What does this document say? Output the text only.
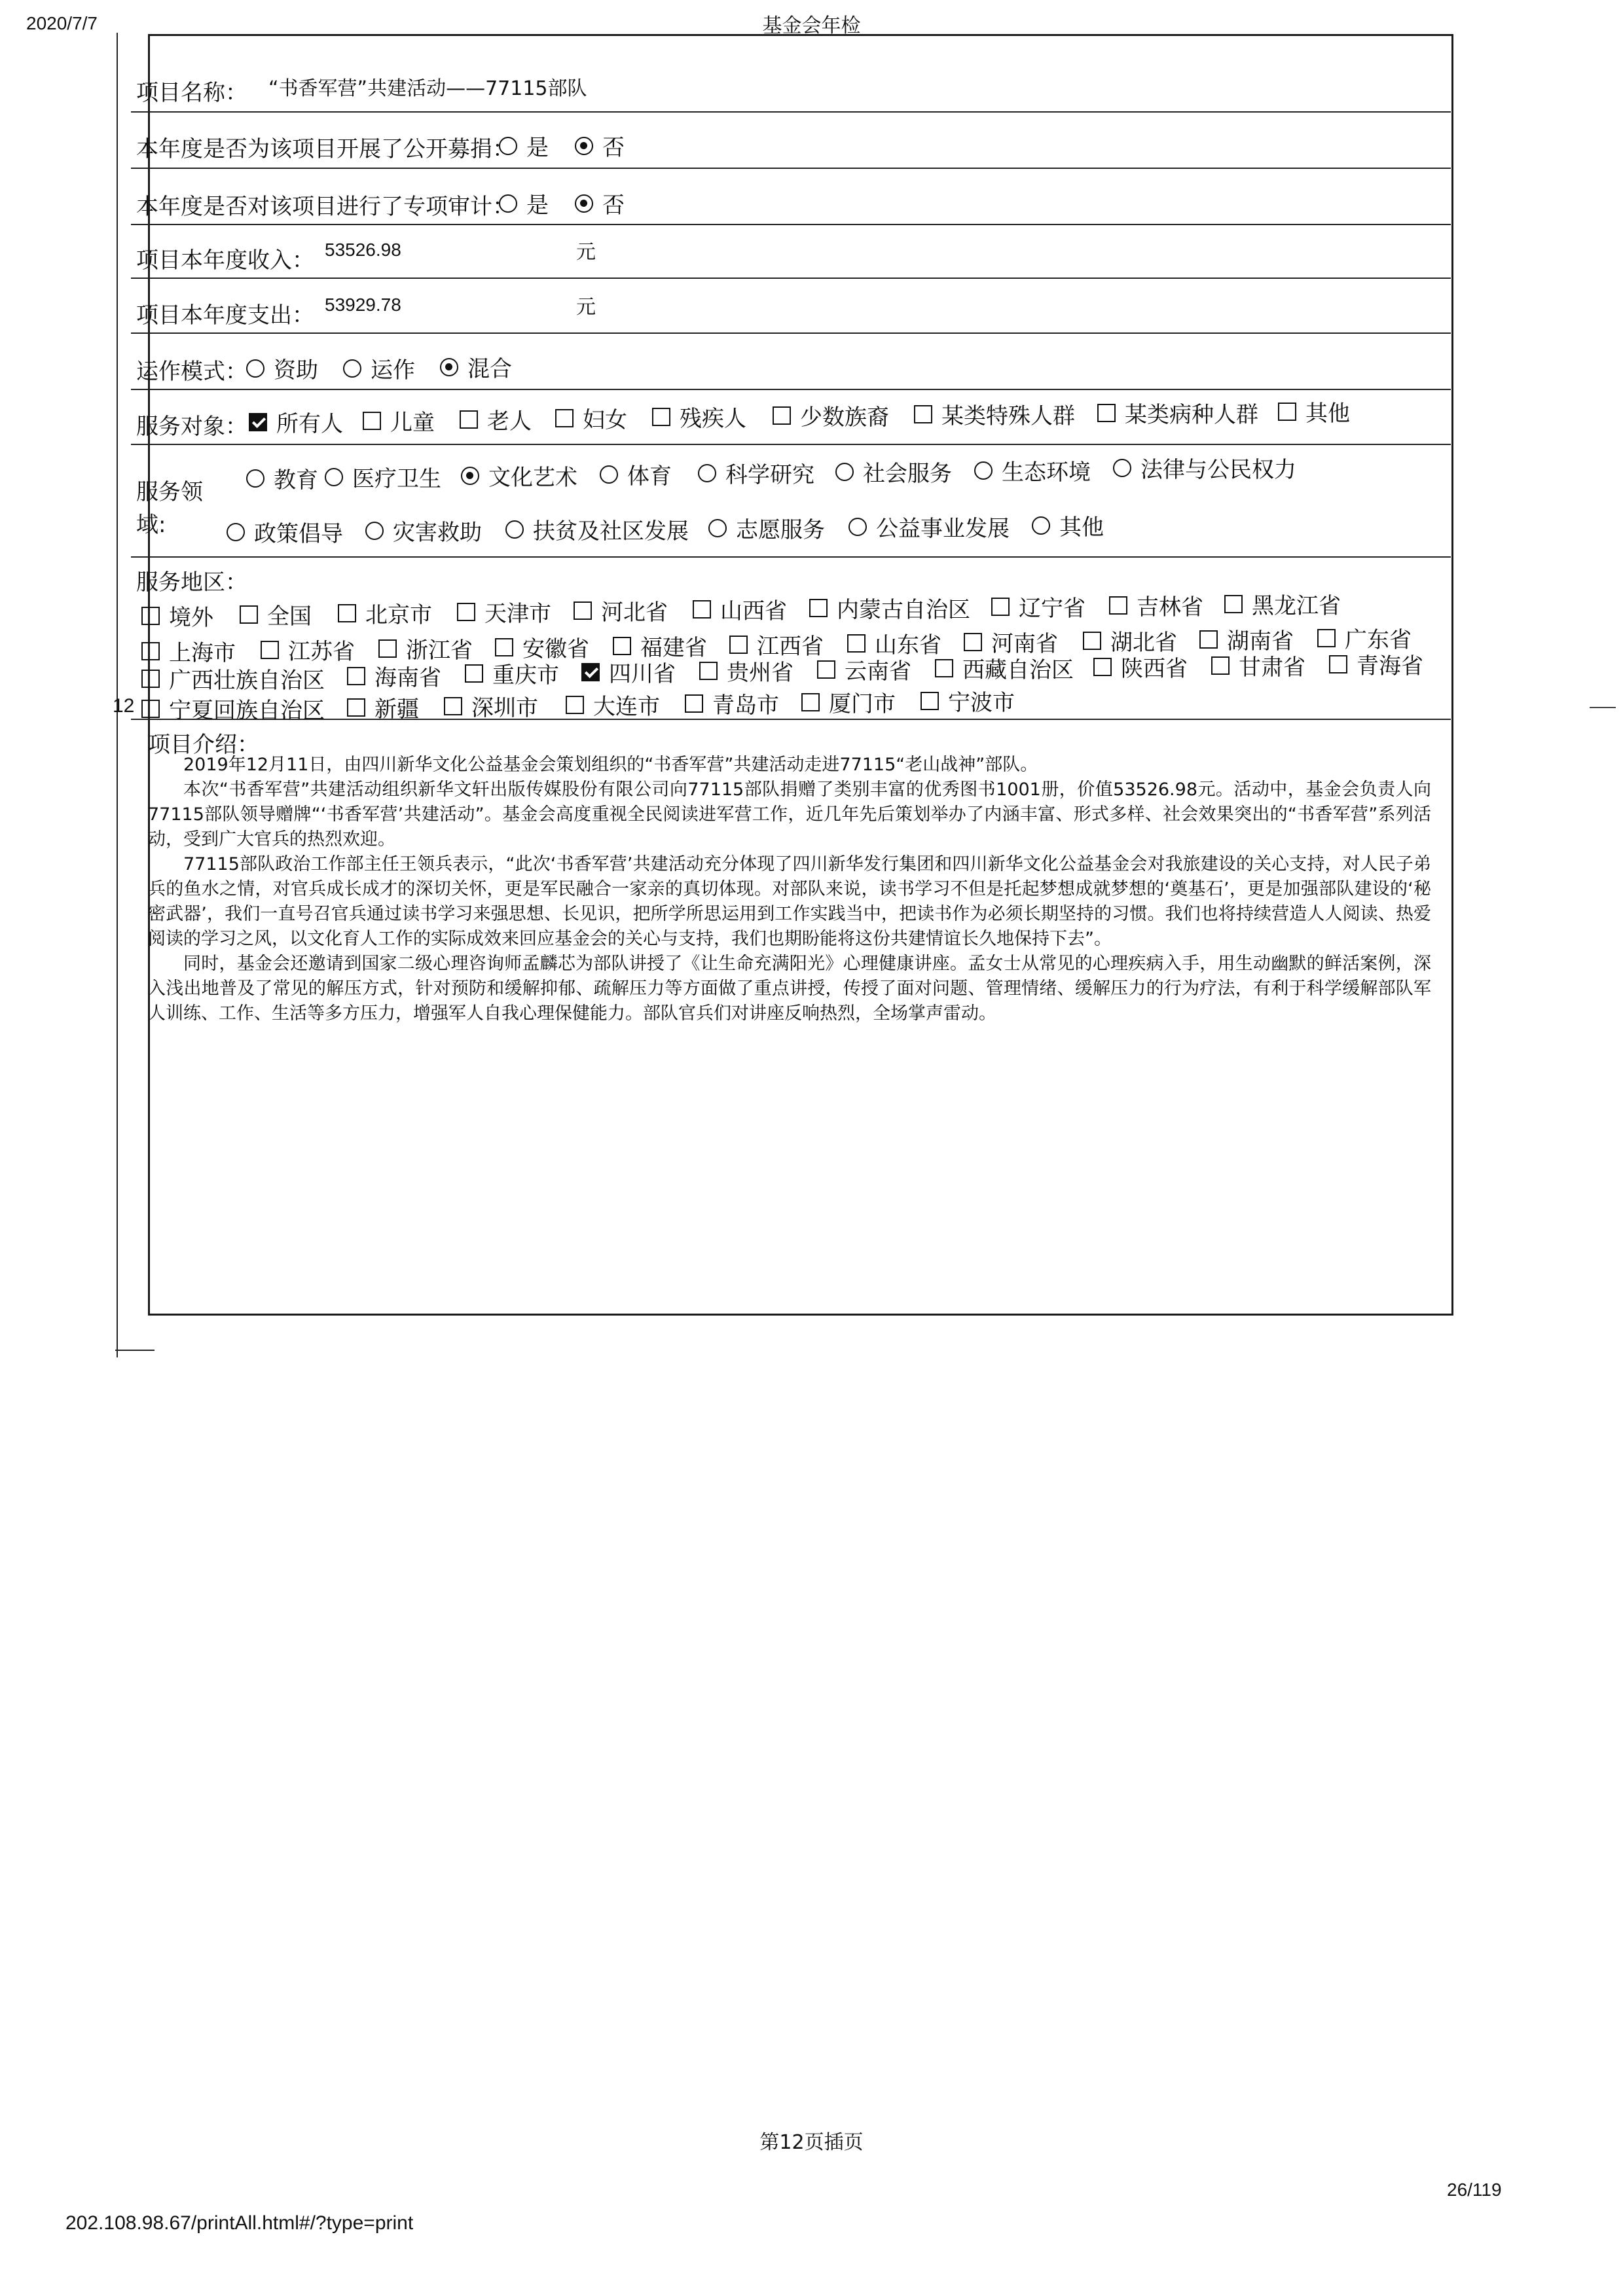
2020/7/7	基金会年检
12
项目名称： “书香军营”共建活动——77115部队
本年度是否为该项目开展了公开募捐： 是 否
本年度是否对该项目进行了专项审计： 是 否
项目本年度收入： 53526.98	元
项目本年度支出： 53929.78	元
运作模式： 资助 运作 混合
服务对象： 所有人 儿童 老人 妇女 残疾人 少数族裔 某类特殊人群 某类病种人群 其他
服务领
域:
教育 医疗卫生 文化艺术 体育 科学研究 社会服务 生态环境 法律与公民权力
政策倡导 灾害救助 扶贫及社区发展 志愿服务 公益事业发展 其他
服务地区：
境外 全国 北京市 天津市 河北省 山西省 内蒙古自治区 辽宁省 吉林省 黑龙江省
上海市 江苏省 浙江省 安徽省 福建省 江西省 山东省 河南省 湖北省 湖南省 广东省
广西壮族自治区 海南省 重庆市 四川省 贵州省 云南省 西藏自治区 陕西省 甘肃省 青海省
宁夏回族自治区 新疆 深圳市 大连市 青岛市 厦门市 宁波市
项目介绍：

2019年12月11日，由四川新华文化公益基金会策划组织的“书香军营”共建活动走进77115“老山战神”部队。

本次“书香军营”共建活动组织新华文轩出版传媒股份有限公司向77115部队捐赠了类别丰富的优秀图书1001册，价值53526.98元。活动中，基金会负责人向77115部队领导赠牌“‘书香军营’共建活动”。基金会高度重视全民阅读进军营工作，近几年先后策划举办了内涵丰富、形式多样、社会效果突出的“书香军营”系列活动，受到广大官兵的热烈欢迎。

77115部队政治工作部主任王领兵表示，“此次‘书香军营’共建活动充分体现了四川新华发行集团和四川新华文化公益基金会对我旅建设的关心支持，对人民子弟兵的鱼水之情，对官兵成长成才的深切关怀，更是军民融合一家亲的真切体现。对部队来说，读书学习不但是托起梦想成就梦想的‘奠基石’，更是加强部队建设的‘秘密武器’，我们一直号召官兵通过读书学习来强思想、长见识，把所学所思运用到工作实践当中，把读书作为必须长期坚持的习惯。我们也将持续营造人人阅读、热爱阅读的学习之风，以文化育人工作的实际成效来回应基金会的关心与支持，我们也期盼能将这份共建情谊长久地保持下去”。

同时，基金会还邀请到国家二级心理咨询师孟麟芯为部队讲授了《让生命充满阳光》心理健康讲座。孟女士从常见的心理疾病入手，用生动幽默的鲜活案例，深入浅出地普及了常见的解压方式，针对预防和缓解抑郁、疏解压力等方面做了重点讲授，传授了面对问题、管理情绪、缓解压力的行为疗法，有利于科学缓解部队军人训练、工作、生活等多方压力，增强军人自我心理保健能力。部队官兵们对讲座反响热烈，全场掌声雷动。

第12页插页
26/119
202.108.98.67/printAll.html#/?type=print
